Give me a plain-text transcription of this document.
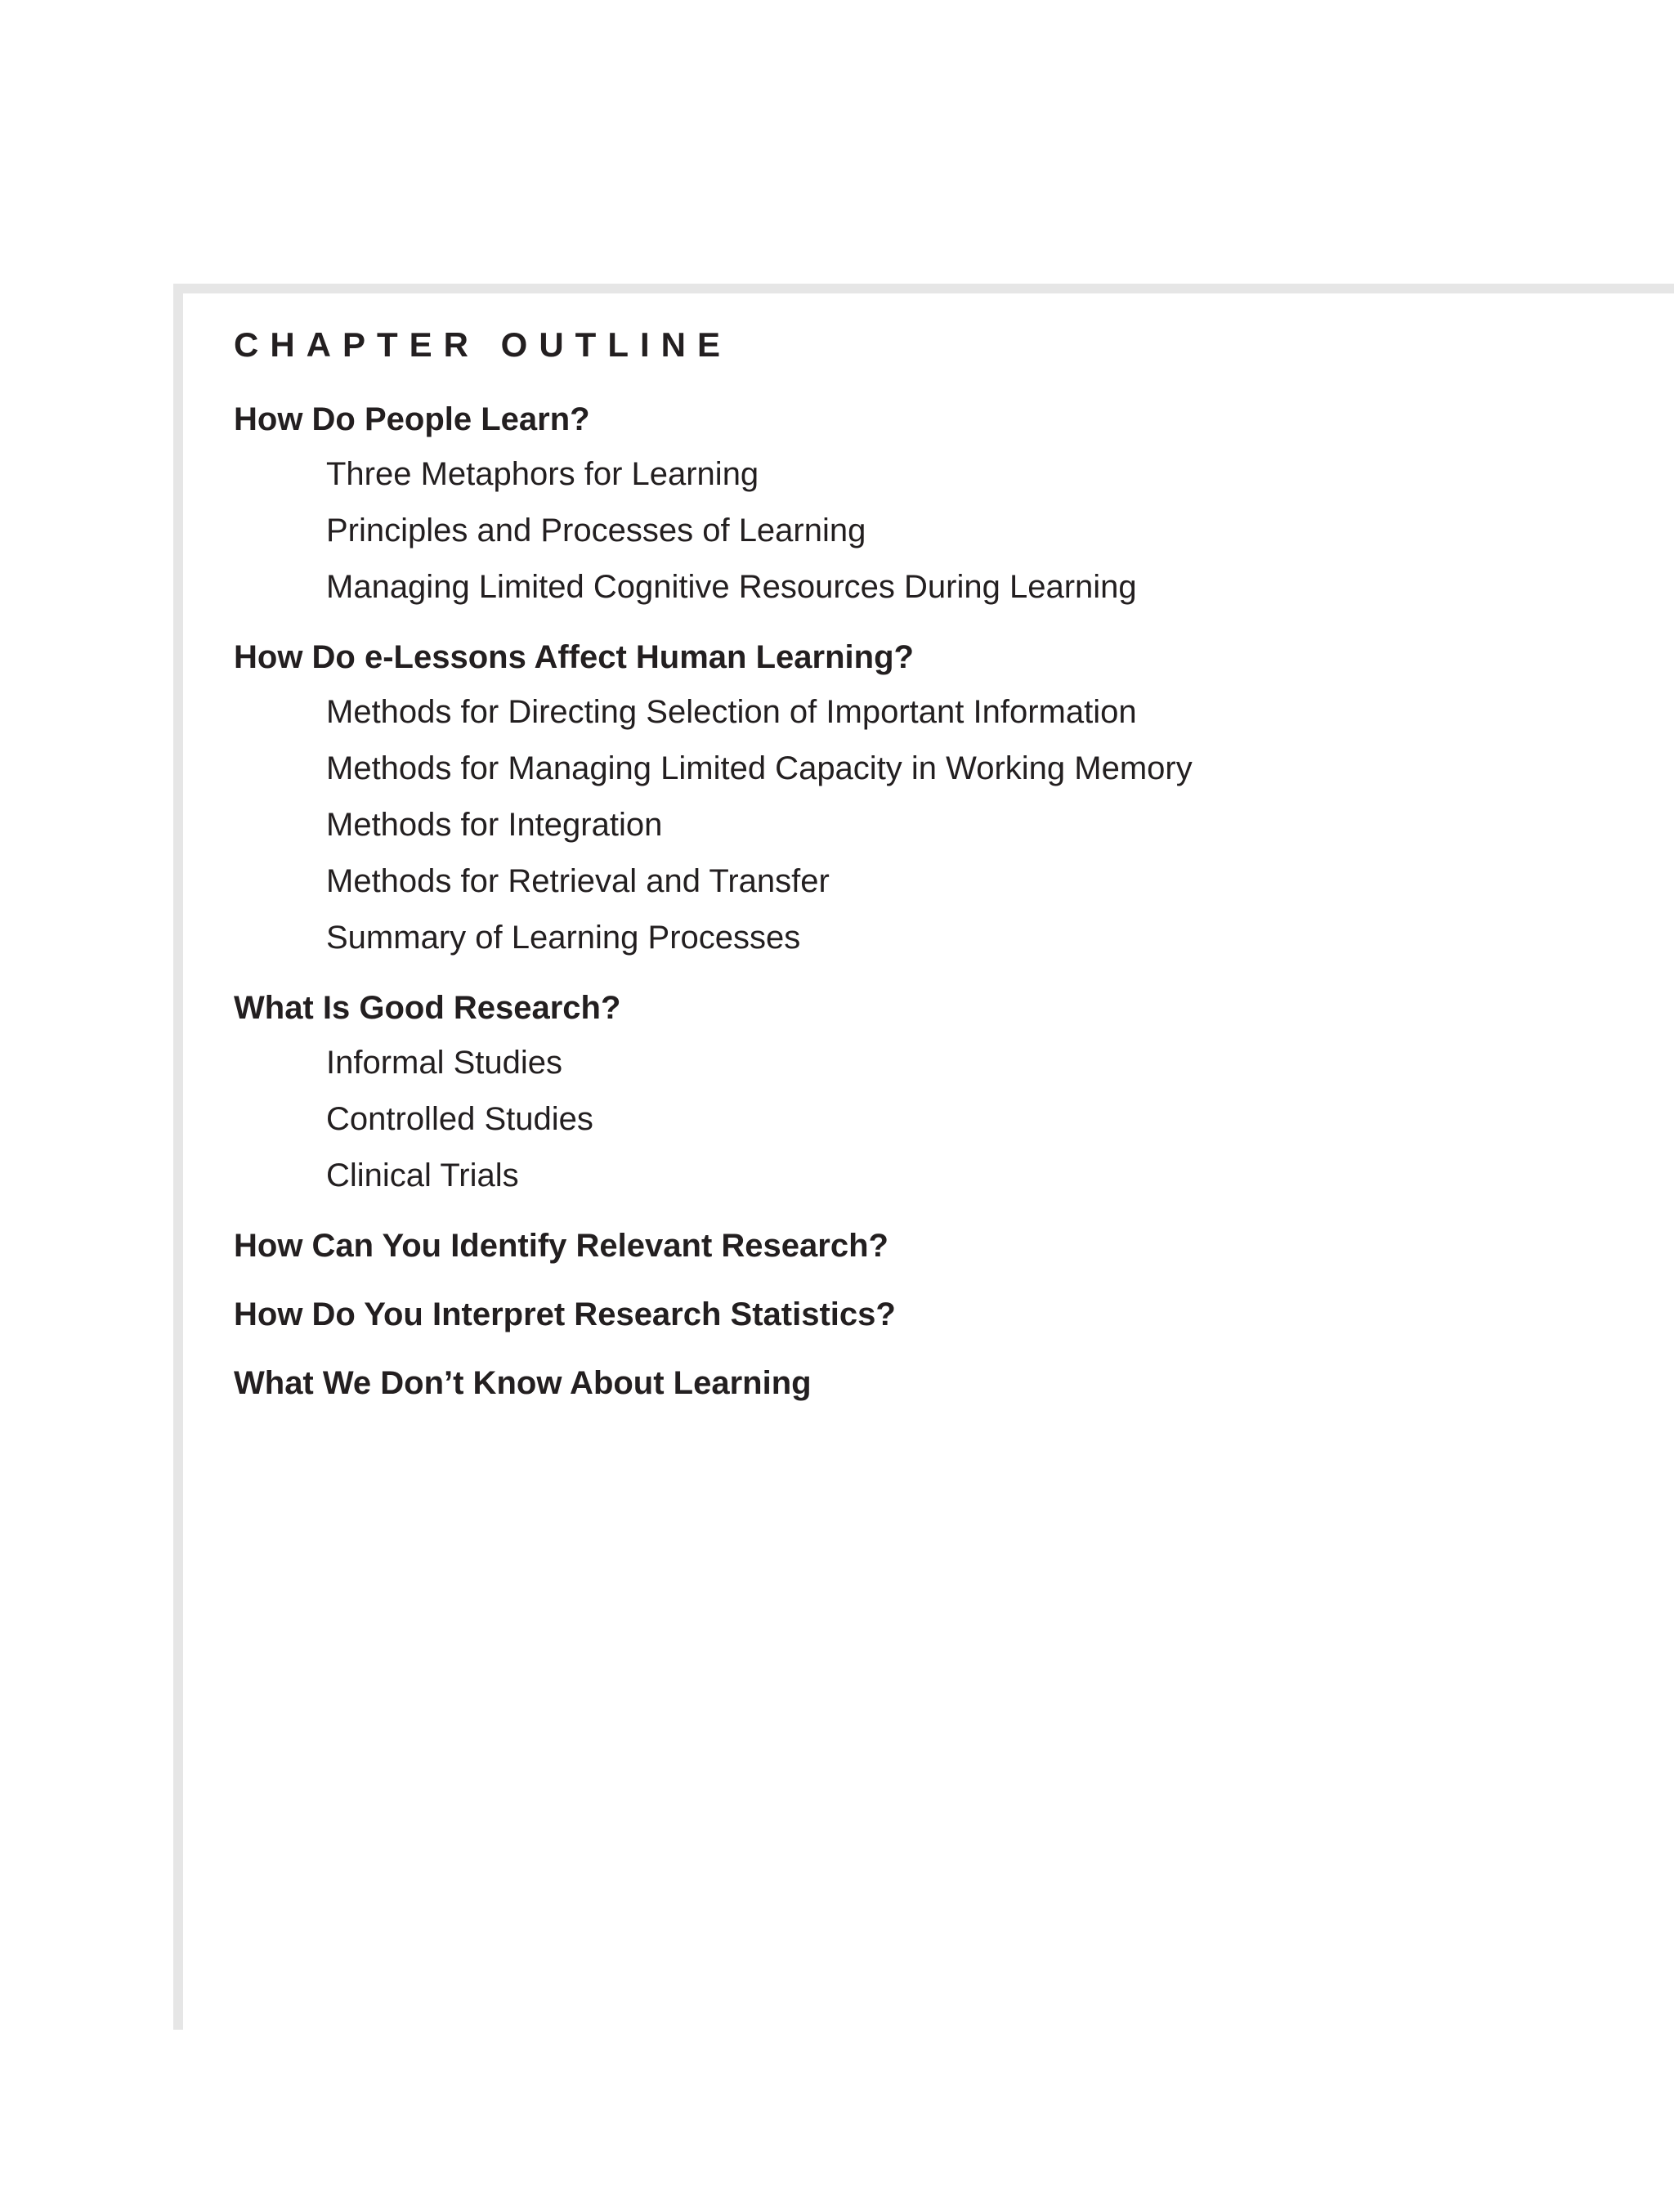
CHAPTER OUTLINE
How Do People Learn?
Three Metaphors for Learning
Principles and Processes of Learning
Managing Limited Cognitive Resources During Learning
How Do e-Lessons Affect Human Learning?
Methods for Directing Selection of Important Information
Methods for Managing Limited Capacity in Working Memory
Methods for Integration
Methods for Retrieval and Transfer
Summary of Learning Processes
What Is Good Research?
Informal Studies
Controlled Studies
Clinical Trials
How Can You Identify Relevant Research?
How Do You Interpret Research Statistics?
What We Don’t Know About Learning
